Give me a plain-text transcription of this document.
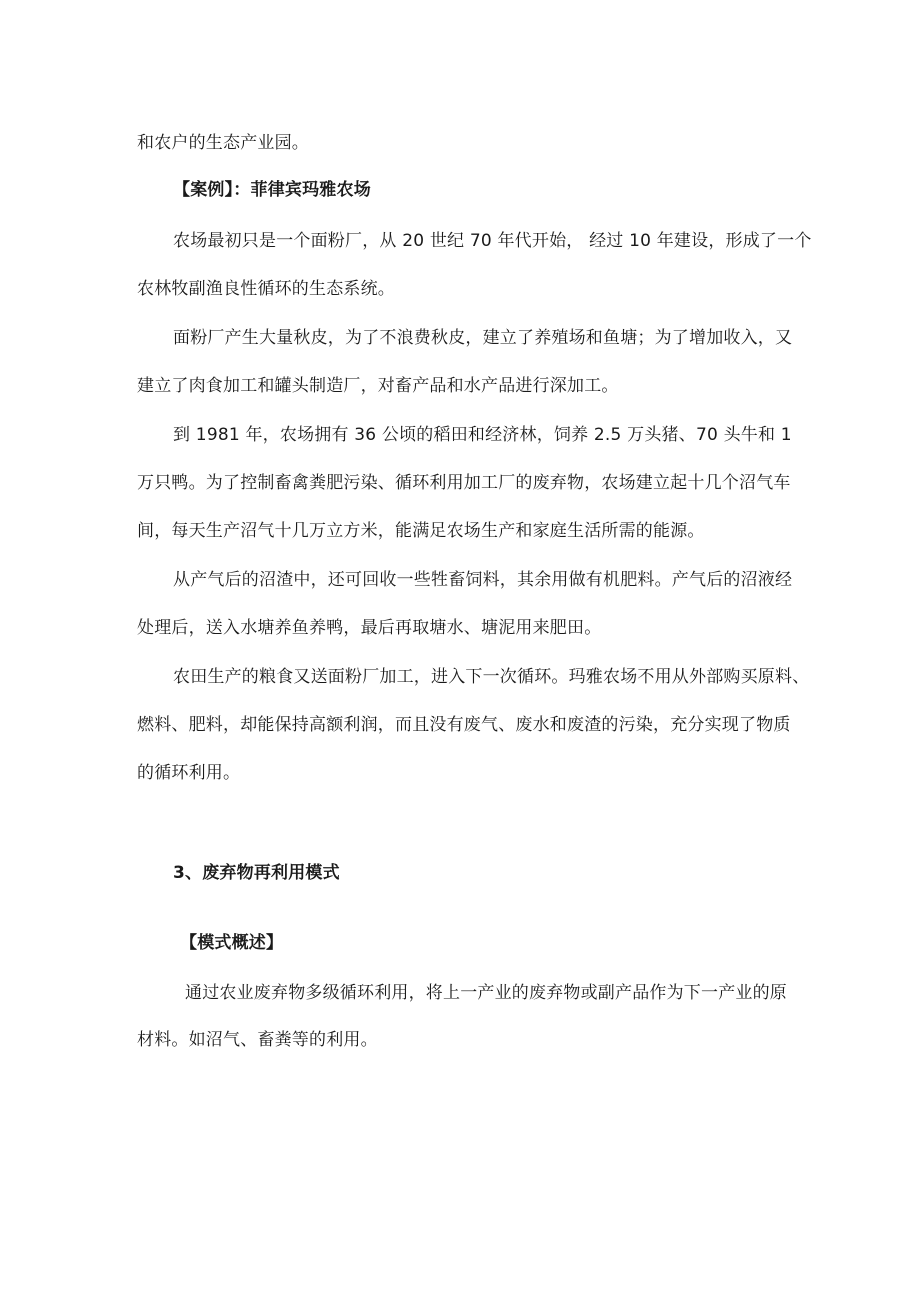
和农户的生态产业园。
【案例】：菲律宾玛雅农场
农场最初只是一个面粉厂，从 20 世纪 70 年代开始， 经过 10 年建设，形成了一个
农林牧副渔良性循环的生态系统。
面粉厂产生大量秋皮，为了不浪费秋皮，建立了养殖场和鱼塘；为了增加收入，又
建立了肉食加工和罐头制造厂，对畜产品和水产品进行深加工。
到 1981 年，农场拥有 36 公顷的稻田和经济林，饲养 2.5 万头猪、70 头牛和 1
万只鸭。为了控制畜禽粪肥污染、循环利用加工厂的废弃物，农场建立起十几个沼气车
间，每天生产沼气十几万立方米，能满足农场生产和家庭生活所需的能源。
从产气后的沼渣中，还可回收一些牲畜饲料，其余用做有机肥料。产气后的沼液经
处理后，送入水塘养鱼养鸭，最后再取塘水、塘泥用来肥田。
农田生产的粮食又送面粉厂加工，进入下一次循环。玛雅农场不用从外部购买原料、
燃料、肥料，却能保持高额利润，而且没有废气、废水和废渣的污染，充分实现了物质
的循环利用。
3、废弃物再利用模式
【模式概述】
通过农业废弃物多级循环利用，将上一产业的废弃物或副产品作为下一产业的原
材料。如沼气、畜粪等的利用。
